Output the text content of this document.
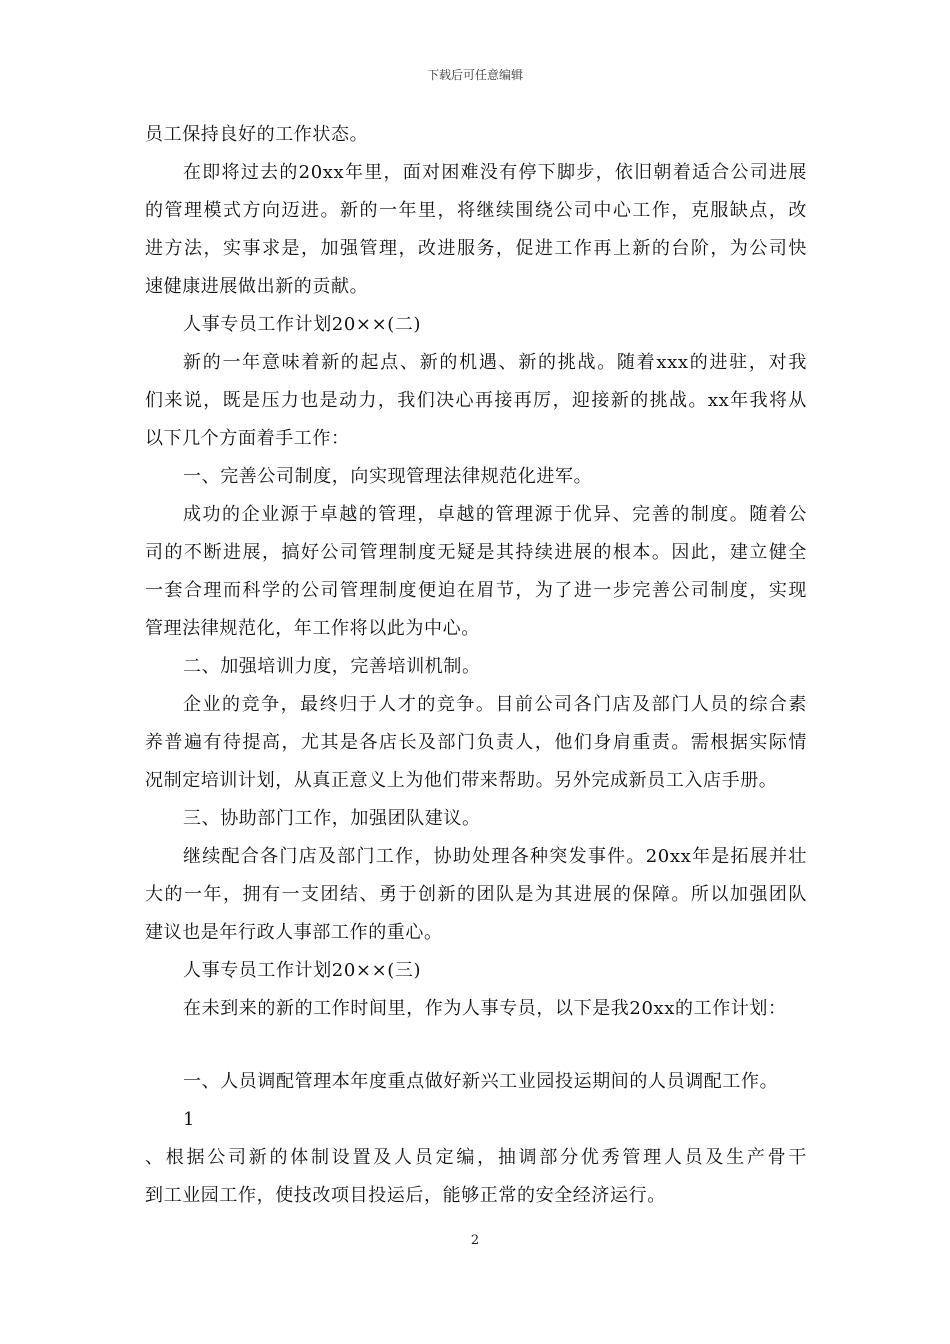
下载后可任意编辑

员工保持良好的工作状态。

在即将过去的20xx年里，面对困难没有停下脚步，依旧朝着适合公司进展

的管理模式方向迈进。新的一年里，将继续围绕公司中心工作，克服缺点，改

进方法，实事求是，加强管理，改进服务，促进工作再上新的台阶，为公司快

速健康进展做出新的贡献。

人事专员工作计划20××(二)

新的一年意味着新的起点、新的机遇、新的挑战。随着xxx的进驻，对我

们来说，既是压力也是动力，我们决心再接再厉，迎接新的挑战。xx年我将从

以下几个方面着手工作：

一、完善公司制度，向实现管理法律规范化进军。

成功的企业源于卓越的管理，卓越的管理源于优异、完善的制度。随着公

司的不断进展，搞好公司管理制度无疑是其持续进展的根本。因此，建立健全

一套合理而科学的公司管理制度便迫在眉节，为了进一步完善公司制度，实现

管理法律规范化，年工作将以此为中心。

二、加强培训力度，完善培训机制。

企业的竞争，最终归于人才的竞争。目前公司各门店及部门人员的综合素

养普遍有待提高，尤其是各店长及部门负责人，他们身肩重责。需根据实际情

况制定培训计划，从真正意义上为他们带来帮助。另外完成新员工入店手册。

三、协助部门工作，加强团队建议。

继续配合各门店及部门工作，协助处理各种突发事件。20xx年是拓展并壮

大的一年，拥有一支团结、勇于创新的团队是为其进展的保障。所以加强团队

建议也是年行政人事部工作的重心。

人事专员工作计划20××(三)

在未到来的新的工作时间里，作为人事专员，以下是我20xx的工作计划：

一、人员调配管理本年度重点做好新兴工业园投运期间的人员调配工作。

1

、根据公司新的体制设置及人员定编，抽调部分优秀管理人员及生产骨干

到工业园工作，使技改项目投运后，能够正常的安全经济运行。

2
